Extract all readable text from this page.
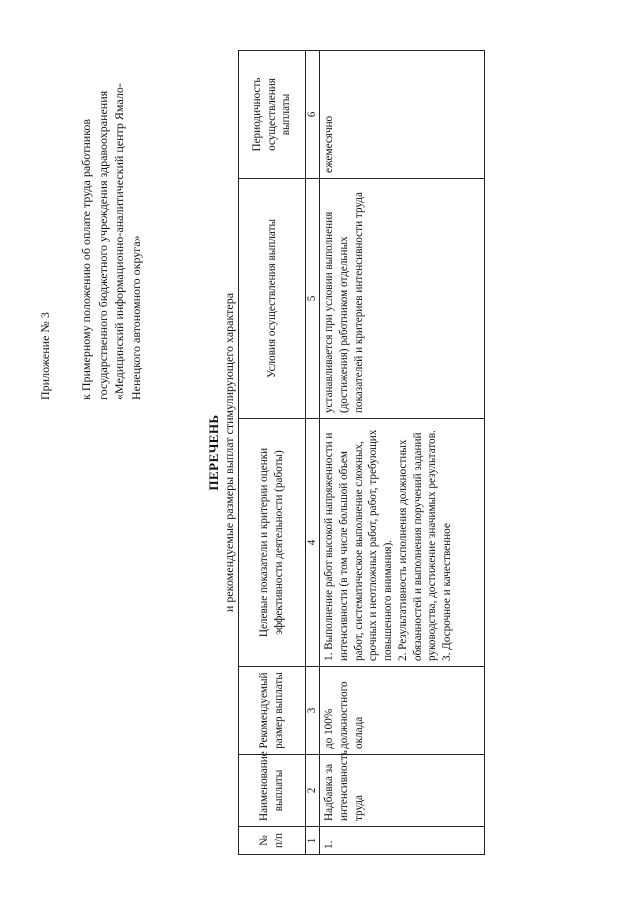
Приложение № 3 к Примерному положению об оплате труда работников государственного бюджетного учреждения здравоохранения «Медицинский информационно-аналитический центр Ямало-Ненецкого автономного округа»
ПЕРЕЧЕНЬ и рекомендуемые размеры выплат стимулирующего характера
№ п/п	Наименование выплаты	Рекомендуемый размер выплаты	Целевые показатели и критерии оценки эффективности деятельности (работы)	Условия осуществления выплаты	Периодичность осуществления выплаты
1	2	3	4	5	6
1.	Надбавка за интенсивность труда	до 100% должностного оклада	1. Выполнение работ высокой напряженности и интенсивности (в том числе большой объем работ, систематическое выполнение сложных, срочных и неотложных работ, работ, требующих повышенного внимания). 2. Результативность исполнения должностных обязанностей и выполнения поручений заданий руководства, достижение значимых результатов. 3. Досрочное и качественное	устанавливается при условии выполнения (достижения) работником отдельных показателей и критериев интенсивности труда	ежемесячно
